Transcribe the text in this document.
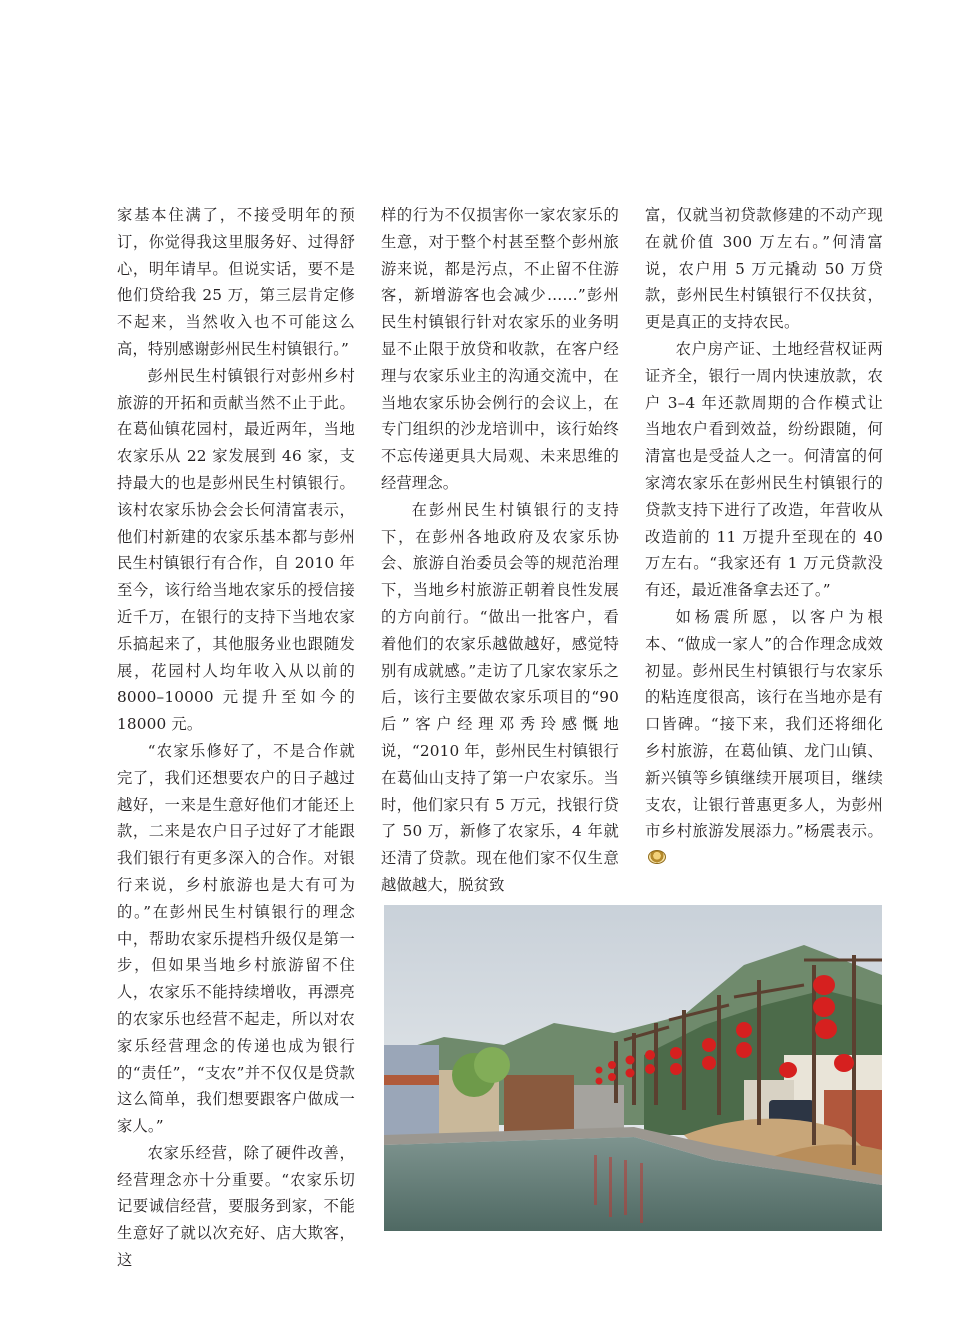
家基本住满了，不接受明年的预订，你觉得我这里服务好、过得舒心，明年请早。但说实话，要不是他们贷给我 25 万，第三层肯定修不起来，当然收入也不可能这么高，特别感谢彭州民生村镇银行。”

彭州民生村镇银行对彭州乡村旅游的开拓和贡献当然不止于此。在葛仙镇花园村，最近两年，当地农家乐从 22 家发展到 46 家，支持最大的也是彭州民生村镇银行。该村农家乐协会会长何清富表示，他们村新建的农家乐基本都与彭州民生村镇银行有合作，自 2010 年至今，该行给当地农家乐的授信接近千万，在银行的支持下当地农家乐搞起来了，其他服务业也跟随发展，花园村人均年收入从以前的 8000–10000 元提升至如今的 18000 元。

“农家乐修好了，不是合作就完了，我们还想要农户的日子越过越好，一来是生意好他们才能还上款，二来是农户日子过好了才能跟我们银行有更多深入的合作。对银行来说，乡村旅游也是大有可为的。”在彭州民生村镇银行的理念中，帮助农家乐提档升级仅是第一步，但如果当地乡村旅游留不住人，农家乐不能持续增收，再漂亮的农家乐也经营不起走，所以对农家乐经营理念的传递也成为银行的“责任”，“支农”并不仅仅是贷款这么简单，我们想要跟客户做成一家人。”

农家乐经营，除了硬件改善，经营理念亦十分重要。“农家乐切记要诚信经营，要服务到家，不能生意好了就以次充好、店大欺客，这

样的行为不仅损害你一家农家乐的生意，对于整个村甚至整个彭州旅游来说，都是污点，不止留不住游客，新增游客也会减少……”彭州民生村镇银行针对农家乐的业务明显不止限于放贷和收款，在客户经理与农家乐业主的沟通交流中，在当地农家乐协会例行的会议上，在专门组织的沙龙培训中，该行始终不忘传递更具大局观、未来思维的经营理念。

在彭州民生村镇银行的支持下，在彭州各地政府及农家乐协会、旅游自治委员会等的规范治理下，当地乡村旅游正朝着良性发展的方向前行。“做出一批客户，看着他们的农家乐越做越好，感觉特别有成就感。”走访了几家农家乐之后，该行主要做农家乐项目的“90 后”客户经理邓秀玲感慨地说，“2010 年，彭州民生村镇银行在葛仙山支持了第一户农家乐。当时，他们家只有 5 万元，找银行贷了 50 万，新修了农家乐，4 年就还清了贷款。现在他们家不仅生意越做越大，脱贫致

富，仅就当初贷款修建的不动产现在就价值 300 万左右。”何清富说，农户用 5 万元撬动 50 万贷款，彭州民生村镇银行不仅扶贫，更是真正的支持农民。

农户房产证、土地经营权证两证齐全，银行一周内快速放款，农户 3–4 年还款周期的合作模式让当地农户看到效益，纷纷跟随，何清富也是受益人之一。何清富的何家湾农家乐在彭州民生村镇银行的贷款支持下进行了改造，年营收从改造前的 11 万提升至现在的 40 万左右。“我家还有 1 万元贷款没有还，最近准备拿去还了。”

如杨震所愿，以客户为根本、“做成一家人”的合作理念成效初显。彭州民生村镇银行与农家乐的粘连度很高，该行在当地亦是有口皆碑。“接下来，我们还将细化乡村旅游，在葛仙镇、龙门山镇、新兴镇等乡镇继续开展项目，继续支农，让银行普惠更多人，为彭州市乡村旅游发展添力。”杨震表示。
